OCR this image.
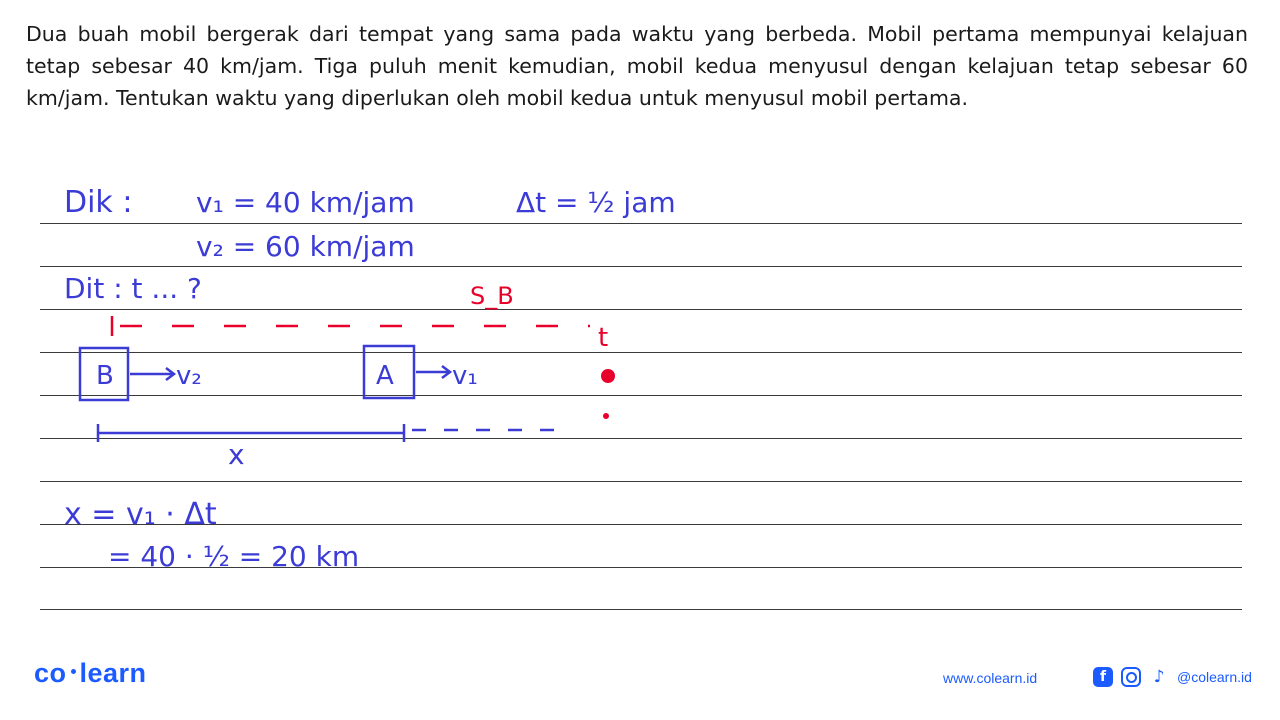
Dua buah mobil bergerak dari tempat yang sama pada waktu yang berbeda. Mobil pertama mempunyai kelajuan tetap sebesar 40 km/jam. Tiga puluh menit kemudian, mobil kedua menyusul dengan kelajuan tetap sebesar 60 km/jam. Tentukan waktu yang diperlukan oleh mobil kedua untuk menyusul mobil pertama.
Dik : v₁ = 40 km/jam	Δt = ½ jam
v₂ = 60 km/jam
Dit : t ... ?	S_B
t
B v₂	A v₁
x
x = v₁ · Δt
= 40 · ½ = 20 km
co learn	www.colearn.id	f	♪ @colearn.id
